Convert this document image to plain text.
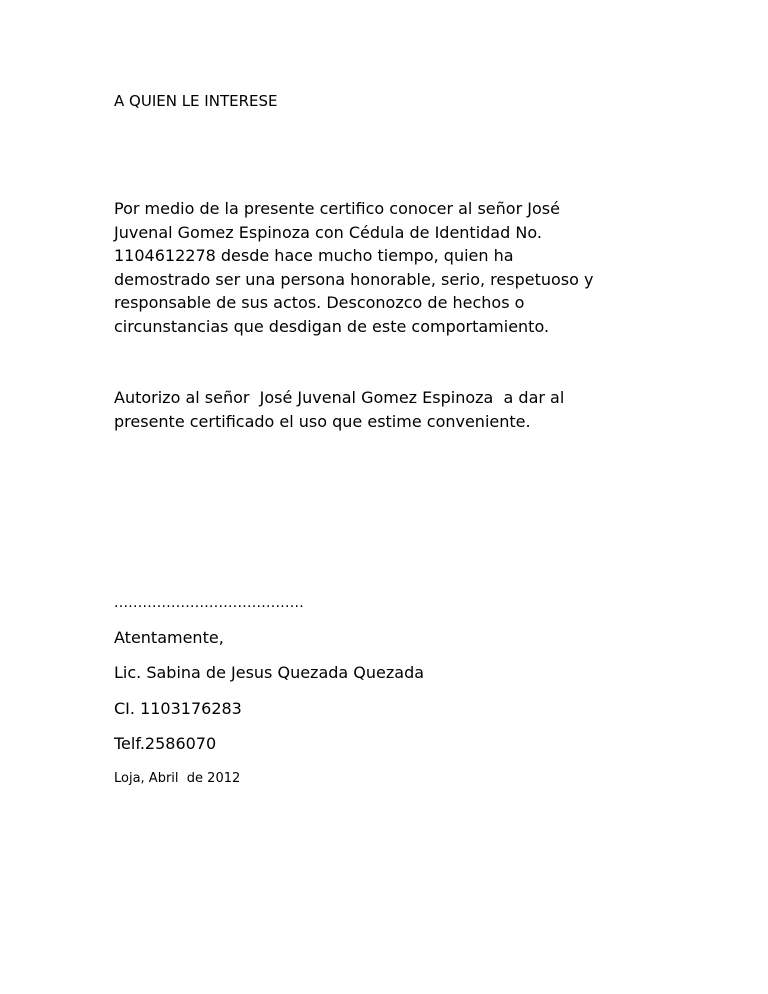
A QUIEN LE INTERESE

Por medio de la presente certifico conocer al señor José
Juvenal Gomez Espinoza con Cédula de Identidad No.
1104612278 desde hace mucho tiempo, quien ha
demostrado ser una persona honorable, serio, respetuoso y
responsable de sus actos. Desconozco de hechos o
circunstancias que desdigan de este comportamiento.
Autorizo al señor  José Juvenal Gomez Espinoza  a dar al
presente certificado el uso que estime conveniente.

........................................

Atentamente,

Lic. Sabina de Jesus Quezada Quezada

CI. 1103176283

Telf.2586070

Loja, Abril  de 2012
